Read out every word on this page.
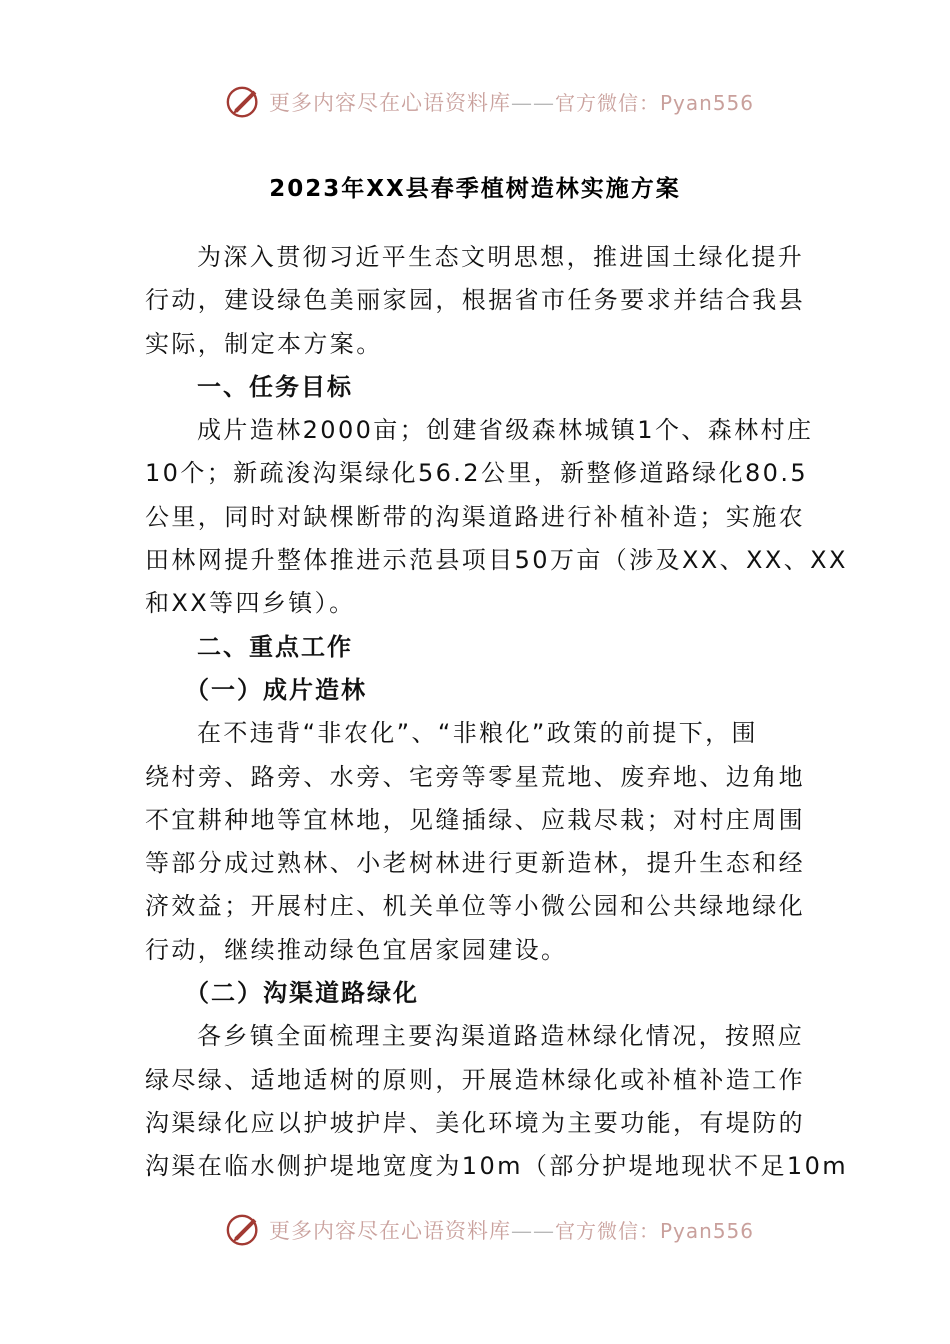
更多内容尽在心语资料库——官方微信：Pyan556
2023年XX县春季植树造林实施方案

为深入贯彻习近平生态文明思想，推进国土绿化提升
行动，建设绿色美丽家园，根据省市任务要求并结合我县
实际，制定本方案。

一、任务目标

成片造林2000亩；创建省级森林城镇1个、森林村庄
10个；新疏浚沟渠绿化56.2公里，新整修道路绿化80.5
公里，同时对缺棵断带的沟渠道路进行补植补造；实施农
田林网提升整体推进示范县项目50万亩（涉及XX、XX、XX
和XX等四乡镇）。

二、重点工作

（一）成片造林

在不违背“非农化”、“非粮化”政策的前提下，围
绕村旁、路旁、水旁、宅旁等零星荒地、废弃地、边角地
不宜耕种地等宜林地，见缝插绿、应栽尽栽；对村庄周围
等部分成过熟林、小老树林进行更新造林，提升生态和经
济效益；开展村庄、机关单位等小微公园和公共绿地绿化
行动，继续推动绿色宜居家园建设。

（二）沟渠道路绿化

各乡镇全面梳理主要沟渠道路造林绿化情况，按照应
绿尽绿、适地适树的原则，开展造林绿化或补植补造工作
沟渠绿化应以护坡护岸、美化环境为主要功能，有堤防的
沟渠在临水侧护堤地宽度为10m（部分护堤地现状不足10m

更多内容尽在心语资料库——官方微信：Pyan556
